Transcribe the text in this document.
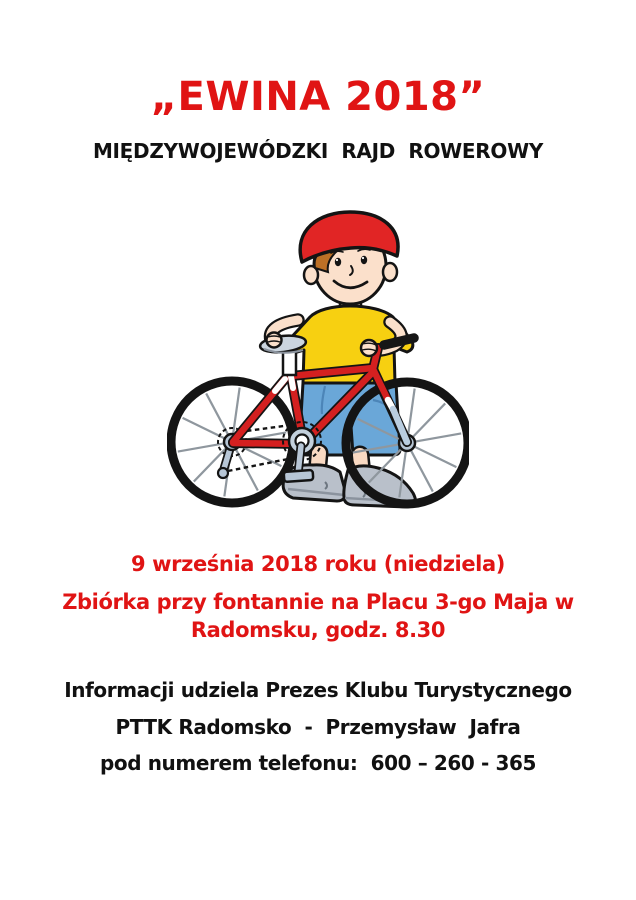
„EWINA 2018”
MIĘDZYWOJEWÓDZKI  RAJD  ROWEROWY
9 września 2018 roku (niedziela)
Zbiórka przy fontannie na Placu 3-go Maja w Radomsku, godz. 8.30
Informacji udziela Prezes Klubu Turystycznego
PTTK Radomsko  -  Przemysław  Jafra
pod numerem telefonu:  600 – 260 - 365
